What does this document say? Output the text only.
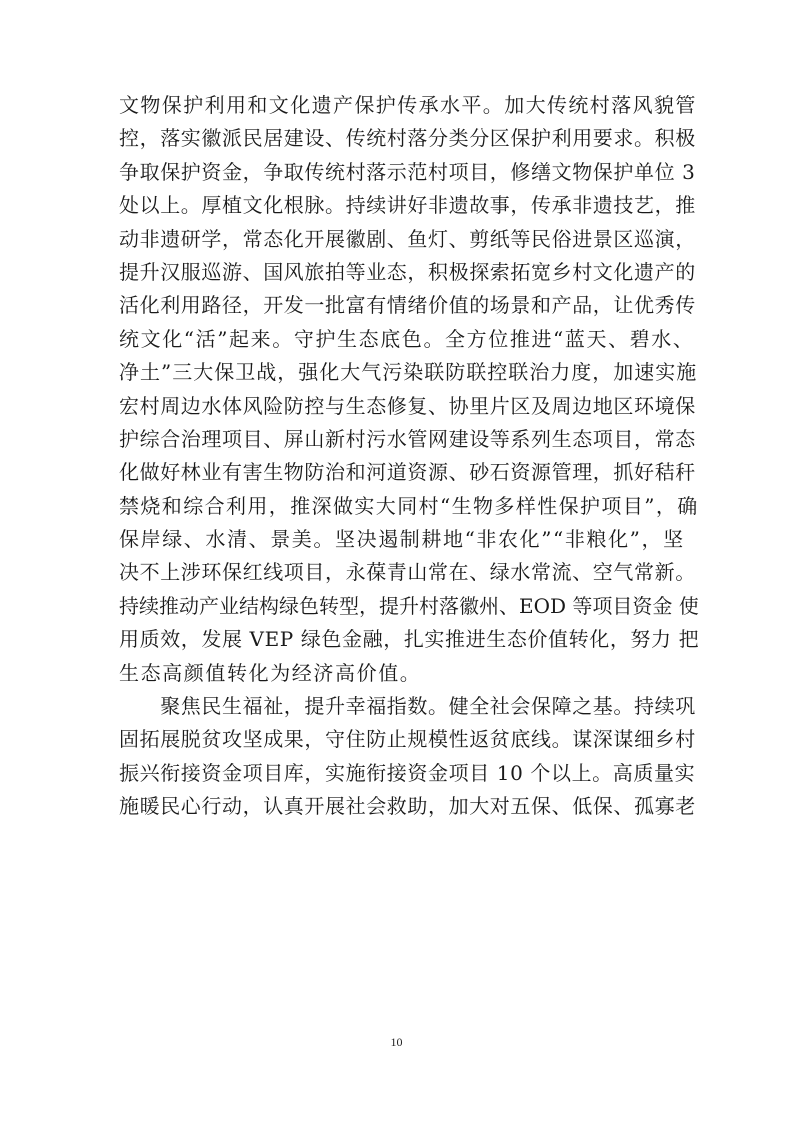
文物保护利用和文化遗产保护传承水平。加大传统村落风貌管
控，落实徽派民居建设、传统村落分类分区保护利用要求。积极
争取保护资金，争取传统村落示范村项目，修缮文物保护单位 3
处以上。厚植文化根脉。持续讲好非遗故事，传承非遗技艺，推
动非遗研学，常态化开展徽剧、鱼灯、剪纸等民俗进景区巡演，
提升汉服巡游、国风旅拍等业态，积极探索拓宽乡村文化遗产的
活化利用路径，开发一批富有情绪价值的场景和产品，让优秀传
统文化“活”起来。守护生态底色。全方位推进“蓝天、碧水、
净土”三大保卫战，强化大气污染联防联控联治力度，加速实施
宏村周边水体风险防控与生态修复、协里片区及周边地区环境保
护综合治理项目、屏山新村污水管网建设等系列生态项目，常态
化做好林业有害生物防治和河道资源、砂石资源管理，抓好秸秆
禁烧和综合利用，推深做实大同村“生物多样性保护项目”，确
保岸绿、水清、景美。坚决遏制耕地“非农化”“非粮化”，坚
决不上涉环保红线项目，永葆青山常在、绿水常流、空气常新。
持续推动产业结构绿色转型，提升村落徽州、EOD 等项目资金 使
用质效，发展 VEP 绿色金融，扎实推进生态价值转化，努力 把
生态高颜值转化为经济高价值。
　　聚焦民生福祉，提升幸福指数。健全社会保障之基。持续巩
固拓展脱贫攻坚成果，守住防止规模性返贫底线。谋深谋细乡村
振兴衔接资金项目库，实施衔接资金项目 10 个以上。高质量实
施暖民心行动，认真开展社会救助，加大对五保、低保、孤寡老
10
